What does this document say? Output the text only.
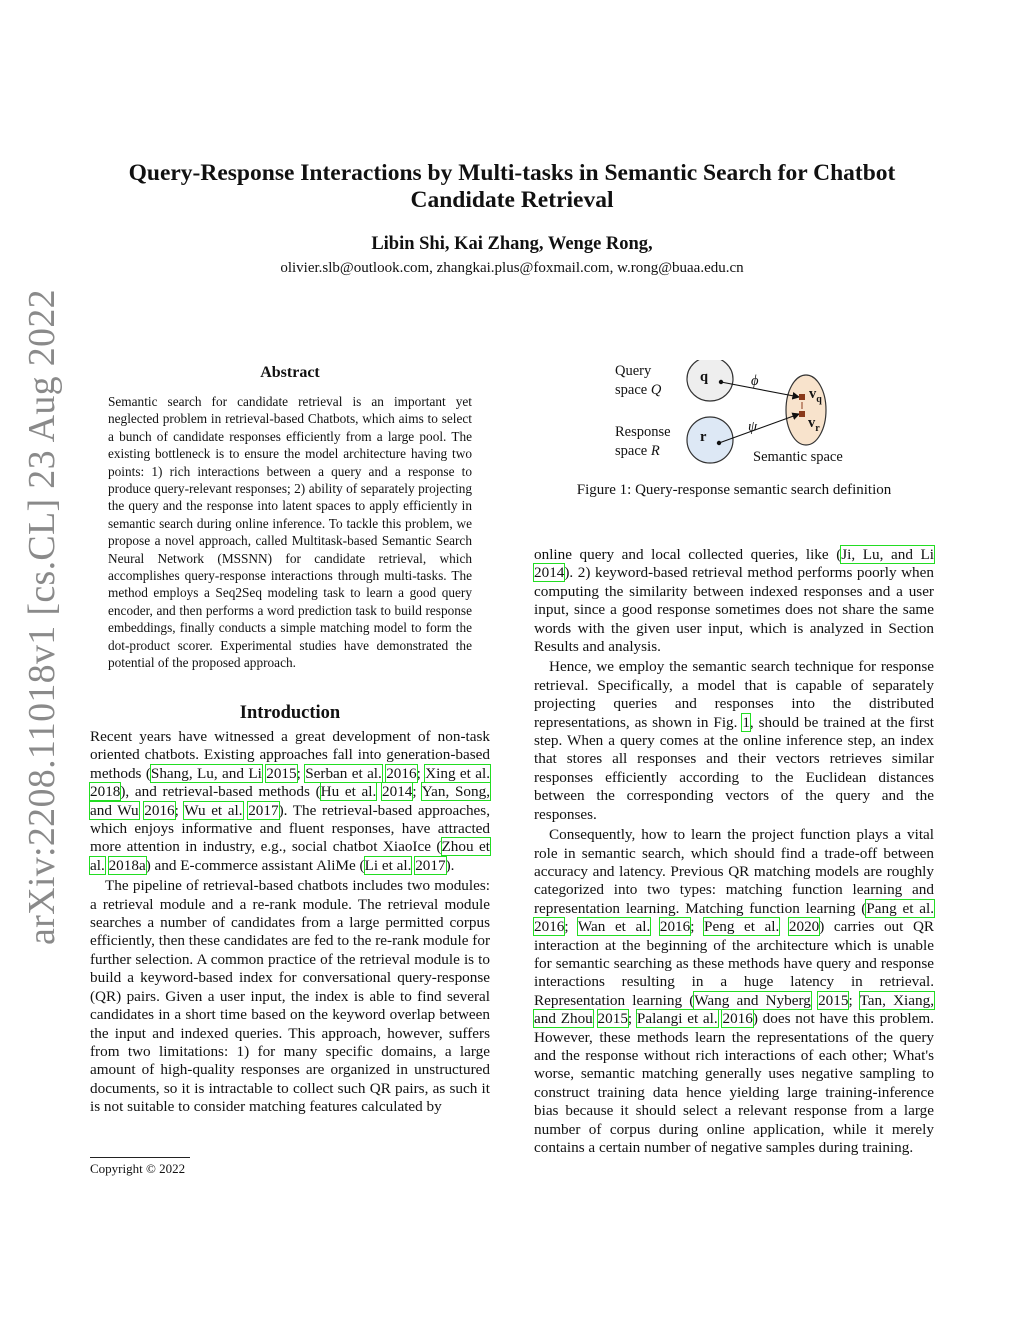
Query-Response Interactions by Multi-tasks in Semantic Search for Chatbot Candidate Retrieval
Libin Shi, Kai Zhang, Wenge Rong,
olivier.slb@outlook.com, zhangkai.plus@foxmail.com, w.rong@buaa.edu.cn
arXiv:2208.11018v1 [cs.CL] 23 Aug 2022	Abstract
Semantic search for candidate retrieval is an important yet neglected problem in retrieval-based Chatbots, which aims to select a bunch of candidate responses efficiently from a large pool. The existing bottleneck is to ensure the model architecture having two points: 1) rich interactions between a query and a response to produce query-relevant responses; 2) ability of separately projecting the query and the response into latent spaces to apply efficiently in semantic search during online inference. To tackle this problem, we propose a novel approach, called Multitask-based Semantic Search Neural Network (MSSNN) for candidate retrieval, which accomplishes query-response interactions through multi-tasks. The method employs a Seq2Seq modeling task to learn a good query encoder, and then performs a word prediction task to build response embeddings, finally conducts a simple matching model to form the dot-product scorer. Experimental studies have demonstrated the potential of the proposed approach.
Introduction

Recent years have witnessed a great development of non-task oriented chatbots. Existing approaches fall into generation-based methods (Shang, Lu, and Li 2015; Serban et al. 2016; Xing et al. 2018), and retrieval-based methods (Hu et al. 2014; Yan, Song, and Wu 2016; Wu et al. 2017). The retrieval-based approaches, which enjoys informative and fluent responses, have attracted more attention in industry, e.g., social chatbot XiaoIce (Zhou et al. 2018a) and E-commerce assistant AliMe (Li et al. 2017).

The pipeline of retrieval-based chatbots includes two modules: a retrieval module and a re-rank module. The retrieval module searches a number of candidates from a large permitted corpus efficiently, then these candidates are fed to the re-rank module for further selection. A common practice of the retrieval module is to build a keyword-based index for conversational query-response (QR) pairs. Given a user input, the index is able to find several candidates in a short time based on the keyword overlap between the input and indexed queries. This approach, however, suffers from two limitations: 1) for many specific domains, a large amount of high-quality responses are organized in unstructured documents, so it is intractable to collect such QR pairs, as such it is not suitable to consider matching features calculated by

Copyright © 2022
Query
space Q
Response
space R
q
r
ϕ
ψ
$v_q$
$v_r$
Semantic space
Figure 1: Query-response semantic search definition

online query and local collected queries, like (Ji, Lu, and Li 2014). 2) keyword-based retrieval method performs poorly when computing the similarity between indexed responses and a user input, since a good response sometimes does not share the same words with the given user input, which is analyzed in Section Results and analysis.

Hence, we employ the semantic search technique for response retrieval. Specifically, a model that is capable of separately projecting queries and responses into the distributed representations, as shown in Fig. 1, should be trained at the first step. When a query comes at the online inference step, an index that stores all responses and their vectors retrieves similar responses efficiently according to the Euclidean distances between the corresponding vectors of the query and the responses.

Consequently, how to learn the project function plays a vital role in semantic search, which should find a trade-off between accuracy and latency. Previous QR matching models are roughly categorized into two types: matching function learning and representation learning. Matching function learning (Pang et al. 2016; Wan et al. 2016; Peng et al. 2020) carries out QR interaction at the beginning of the architecture which is unable for semantic searching as these methods have query and response interactions resulting in a huge latency in retrieval. Representation learning (Wang and Nyberg 2015; Tan, Xiang, and Zhou 2015; Palangi et al. 2016) does not have this problem. However, these methods learn the representations of the query and the response without rich interactions of each other; What's worse, semantic matching generally uses negative sampling to construct training data hence yielding large training-inference bias because it should select a relevant response from a large number of corpus during online application, while it merely contains a certain number of negative samples during training.
